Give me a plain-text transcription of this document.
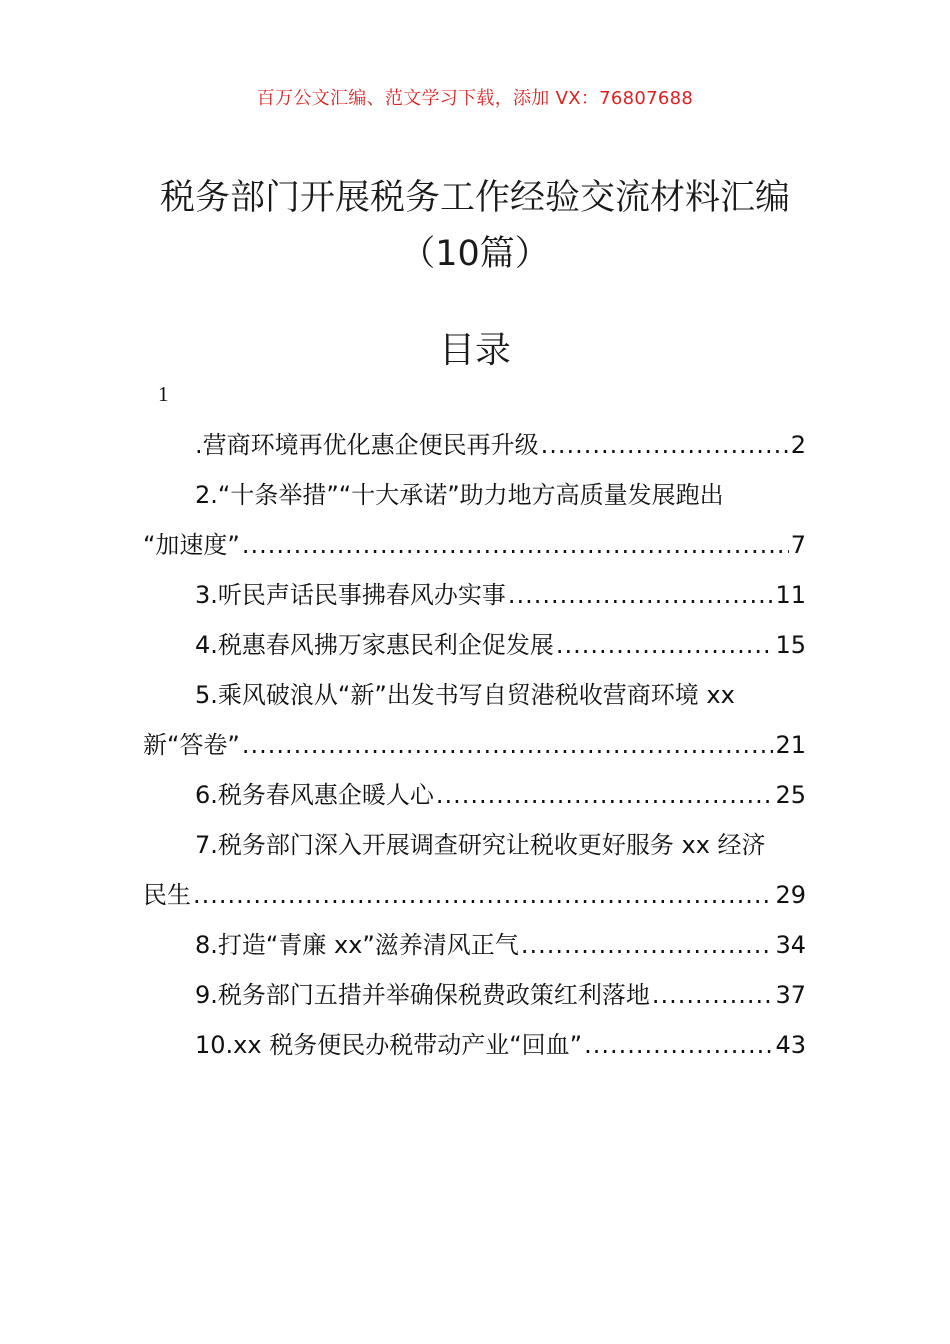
百万公文汇编、范文学习下载，添加 VX：76807688
税务部门开展税务工作经验交流材料汇编
（10篇）
目录
1
.营商环境再优化惠企便民再升级 .....	2
2.“十条举措”“十大承诺”助力地方高质量发展跑出
“加速度” .....	7
3.听民声话民事拂春风办实事 .....	11
4.税惠春风拂万家惠民利企促发展 .....	15
5.乘风破浪从“新”出发书写自贸港税收营商环境 xx
新“答卷” .....	21
6.税务春风惠企暖人心 .....	25
7.税务部门深入开展调查研究让税收更好服务 xx 经济
民生 .....	29
8.打造“青廉 xx”滋养清风正气 .....	34
9.税务部门五措并举确保税费政策红利落地 .....	37
10.xx 税务便民办税带动产业“回血” .....	43
